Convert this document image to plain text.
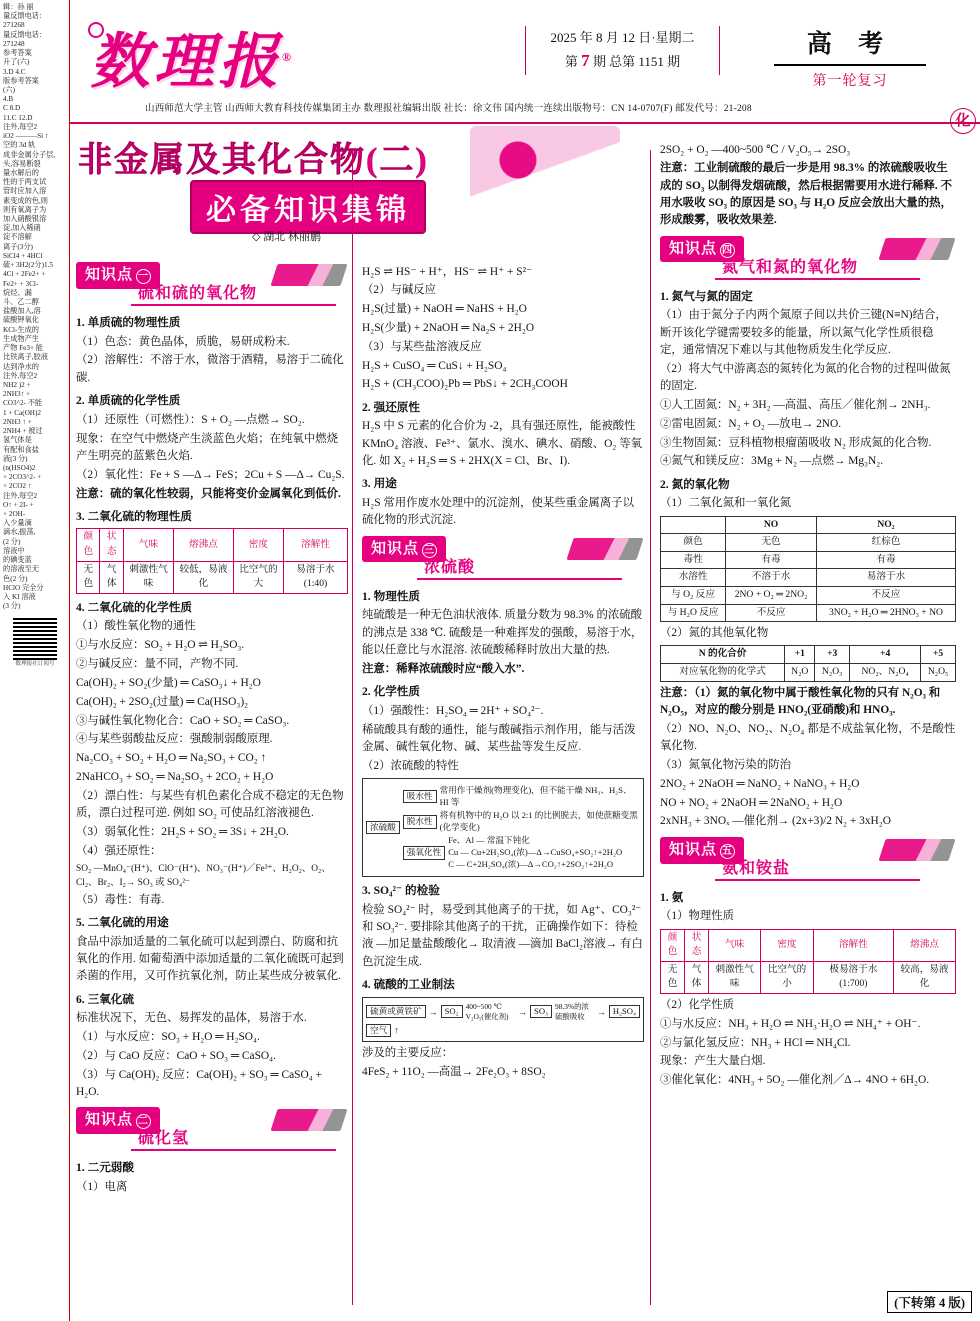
辑：孙 丽
量反馈电话：
271268
量反馈电话：
271248
参考答案
升了(六)
3.D 4.C
版参考答案
(六)
4.B
C 8.D
11.C 12.D
注外,每空2
iO2 ———Si ↑
空的 3d 轨
成非金属分子层,
头,容易断裂
量水解后的
性的于两支试
管时应加入溶
素变成的色,则
则有氧离子为
加入硝酸银溶
淀,加入稀硝
淀不溶解
离子(3分)
SiCl4 + 4HCl
硫+ 3H2(2分)1.5
4Cl + 2Fe2+ +
Fe2+ + 3Cl-
烷烃、漏
斗、乙二醇
盐酸加入,溶
硫酸钾氧化
KCl-生成的
生成物产生
产物 Fe3+ 能
比铁离子,胶液
达到净水的
注外,每空2
NH2 )2 +
2NH3↑ +
CO3^2- 不能
1 + Ca(OH)2
2NH3 ↑ +
2NH4 + 被过
氢气体是
有配和食盐
液(3 分)
(n(HSO4)2
+ 2CO3^2- +
+ 2CO2 ↑
注外,每空2
O↑ + 2I- +
+ 2OH-
入少量滴
滴水,振荡,
(2 分)
溶液中
的碘变蓝
的溶液至无
色(2 分)
HClO 完全分
入 KI 溶液
(3 分)
数理报社订阅号
数理报®
2025 年 8 月 12 日·星期二
第 7 期 总第 1151 期
高 考
第一轮复习
山西师范大学主管 山西师大教育科技传媒集团主办 数理报社编辑出版 社长：徐文伟 国内统一连续出版物号：CN 14-0707(F) 邮发代号：21-208
化
非金属及其化合物(二)
必备知识集锦
◇ 湖北 林丽鹏
知识点 一
硫和硫的氧化物
1. 单质硫的物理性质

（1）色态：黄色晶体，质脆，易研成粉末.

（2）溶解性：不溶于水，微溶于酒精，易溶于二硫化碳.

2. 单质硫的化学性质

（1）还原性（可燃性）：S + O₂ —点燃→ SO₂.

现象：在空气中燃烧产生淡蓝色火焰；在纯氧中燃烧产生明亮的蓝紫色火焰.

（2）氧化性：Fe + S —Δ→ FeS；2Cu + S —Δ→ Cu₂S.

注意：硫的氧化性较弱，只能将变价金属氧化到低价.

3. 二氧化硫的物理性质
颜色	状态	气味	熔沸点	密度	溶解性
无色	气体	刺激性气味	较低，易液化	比空气的大	易溶于水(1:40)
4. 二氧化硫的化学性质

（1）酸性氧化物的通性

①与水反应：SO₂ + H₂O ⇌ H₂SO₃.

②与碱反应：量不同，产物不同.

Ca(OH)₂ + SO₂(少量) ═ CaSO₃↓ + H₂O

Ca(OH)₂ + 2SO₂(过量) ═ Ca(HSO₃)₂

③与碱性氧化物化合：CaO + SO₂ ═ CaSO₃.

④与某些弱酸盐反应：强酸制弱酸原理.

Na₂CO₃ + SO₂ + H₂O ═ Na₂SO₃ + CO₂ ↑

2NaHCO₃ + SO₂ ═ Na₂SO₃ + 2CO₂ + H₂O

（2）漂白性：与某些有机色素化合成不稳定的无色物质，漂白过程可逆. 例如 SO₂ 可使品红溶液褪色.

（3）弱氧化性：2H₂S + SO₂ ═ 3S↓ + 2H₂O.

（4）强还原性：

SO₂ —MnO₄⁻(H⁺)、ClO⁻(H⁺)、NO₃⁻(H⁺)／Fe³⁺、H₂O₂、O₂、Cl₂、Br₂、I₂→ SO₃ 或 SO₄²⁻

（5）毒性：有毒.

5. 二氧化硫的用途

食品中添加适量的二氧化硫可以起到漂白、防腐和抗氧化的作用. 如葡萄酒中添加适量的二氧化硫既可起到杀菌的作用，又可作抗氧化剂，防止某些成分被氧化.

6. 三氧化硫

标准状况下，无色、易挥发的晶体，易溶于水.

（1）与水反应：SO₃ + H₂O ═ H₂SO₄.

（2）与 CaO 反应：CaO + SO₃ ═ CaSO₄.

（3）与 Ca(OH)₂ 反应：Ca(OH)₂ + SO₃ ═ CaSO₄ + H₂O.

知识点 二
硫化氢
1. 二元弱酸

（1）电离

H₂S ⇌ HS⁻ + H⁺，HS⁻ ⇌ H⁺ + S²⁻

（2）与碱反应

H₂S(过量) + NaOH ═ NaHS + H₂O

H₂S(少量) + 2NaOH ═ Na₂S + 2H₂O

（3）与某些盐溶液反应

H₂S + CuSO₄ ═ CuS↓ + H₂SO₄

H₂S + (CH₃COO)₂Pb ═ PbS↓ + 2CH₃COOH

2. 强还原性

H₂S 中 S 元素的化合价为 -2，具有强还原性，能被酸性 KMnO₄ 溶液、Fe³⁺、氯水、溴水、碘水、硝酸、O₂ 等氧化. 如 X₂ + H₂S ═ S + 2HX(X = Cl、Br、I).

3. 用途

H₂S 常用作废水处理中的沉淀剂，使某些重金属离子以硫化物的形式沉淀.

知识点 三
浓硫酸
1. 物理性质

纯硫酸是一种无色油状液体. 质量分数为 98.3% 的浓硫酸的沸点是 338 ℃. 硫酸是一种难挥发的强酸，易溶于水，能以任意比与水混溶. 浓硫酸稀释时放出大量的热.

注意：稀释浓硫酸时应“酸入水”.

2. 化学性质

（1）强酸性：H₂SO₄ ═ 2H⁺ + SO₄²⁻.

稀硫酸具有酸的通性，能与酸碱指示剂作用，能与活泼金属、碱性氧化物、碱、某些盐等发生反应.

（2）浓硫酸的特性

浓硫酸
吸水性
常用作干燥剂(物理变化)，但不能干燥 NH₃、H₂S、HI 等
脱水性
将有机物中的 H₂O 以 2:1 的比例脱去，如使蔗糖变黑(化学变化)
强氧化性
Fe、Al — 常温下钝化
Cu — Cu+2H₂SO₄(浓)—Δ→CuSO₄+SO₂↑+2H₂O
C — C+2H₂SO₄(浓)—Δ→CO₂↑+2SO₂↑+2H₂O
3. SO₄²⁻ 的检验

检验 SO₄²⁻ 时，易受到其他离子的干扰，如 Ag⁺、CO₃²⁻ 和 SO₃²⁻. 要排除其他离子的干扰，正确操作如下：待检液 —加足量盐酸酸化→ 取清液 —滴加 BaCl₂溶液→ 有白色沉淀生成.

4. 硫酸的工业制法
硫黄或黄铁矿 → SO₂ 400~500 ℃ V₂O₅(催化剂)	→ SO₃ 98.3%的浓硫酸吸收	→ H₂SO₄
空气 ↑

涉及的主要反应：

4FeS₂ + 11O₂ —高温→ 2Fe₂O₃ + 8SO₂

2SO₂ + O₂ —400~500 ℃ / V₂O₅→ 2SO₃

注意：工业制硫酸的最后一步是用 98.3% 的浓硫酸吸收生成的 SO₃ 以制得发烟硫酸，然后根据需要用水进行稀释. 不用水吸收 SO₃ 的原因是 SO₃ 与 H₂O 反应会放出大量的热，形成酸雾，吸收效果差.

知识点 四
氮气和氮的氧化物
1. 氮气与氮的固定

（1）由于氮分子内两个氮原子间以共价三键(N≡N)结合，断开该化学键需要较多的能量，所以氮气化学性质很稳定，通常情况下难以与其他物质发生化学反应.

（2）将大气中游离态的氮转化为氮的化合物的过程叫做氮的固定.

①人工固氮：N₂ + 3H₂ —高温、高压／催化剂→ 2NH₃.

②雷电固氮：N₂ + O₂ —放电→ 2NO.

③生物固氮：豆科植物根瘤菌吸收 N₂ 形成氮的化合物.

④氮气和镁反应：3Mg + N₂ —点燃→ Mg₃N₂.

2. 氮的氧化物

（1）二氧化氮和一氧化氮

	NO	NO₂
颜色	无色	红棕色
毒性	有毒	有毒
水溶性	不溶于水	易溶于水
与 O₂ 反应	2NO + O₂ ═ 2NO₂	不反应
与 H₂O 反应	不反应	3NO₂ + H₂O ═ 2HNO₃ + NO

（2）氮的其他氧化物

N 的化合价	+1	+3	+4	+5
对应氧化物的化学式	N₂O	N₂O₃	NO₂、N₂O₄	N₂O₅

注意：（1）氮的氧化物中属于酸性氧化物的只有 N₂O₃ 和 N₂O₅，对应的酸分别是 HNO₂(亚硝酸)和 HNO₃.

（2）NO、N₂O、NO₂、N₂O₄ 都是不成盐氧化物，不是酸性氧化物.

（3）氮氧化物污染的防治

2NO₂ + 2NaOH ═ NaNO₂ + NaNO₃ + H₂O

NO + NO₂ + 2NaOH ═ 2NaNO₂ + H₂O

2xNH₃ + 3NOₓ —催化剂→ (2x+3)/2 N₂ + 3xH₂O

知识点 五
氨和铵盐
1. 氨

（1）物理性质

颜色	状态	气味	密度	溶解性	熔沸点
无色	气体	刺激性气味	比空气的小	极易溶于水(1:700)	较高，易液化

（2）化学性质

①与水反应：NH₃ + H₂O ⇌ NH₃·H₂O ⇌ NH₄⁺ + OH⁻.

②与氯化氢反应：NH₃ + HCl ═ NH₄Cl.

现象：产生大量白烟.

③催化氧化：4NH₃ + 5O₂ —催化剂／Δ→ 4NO + 6H₂O.

(下转第 4 版)
